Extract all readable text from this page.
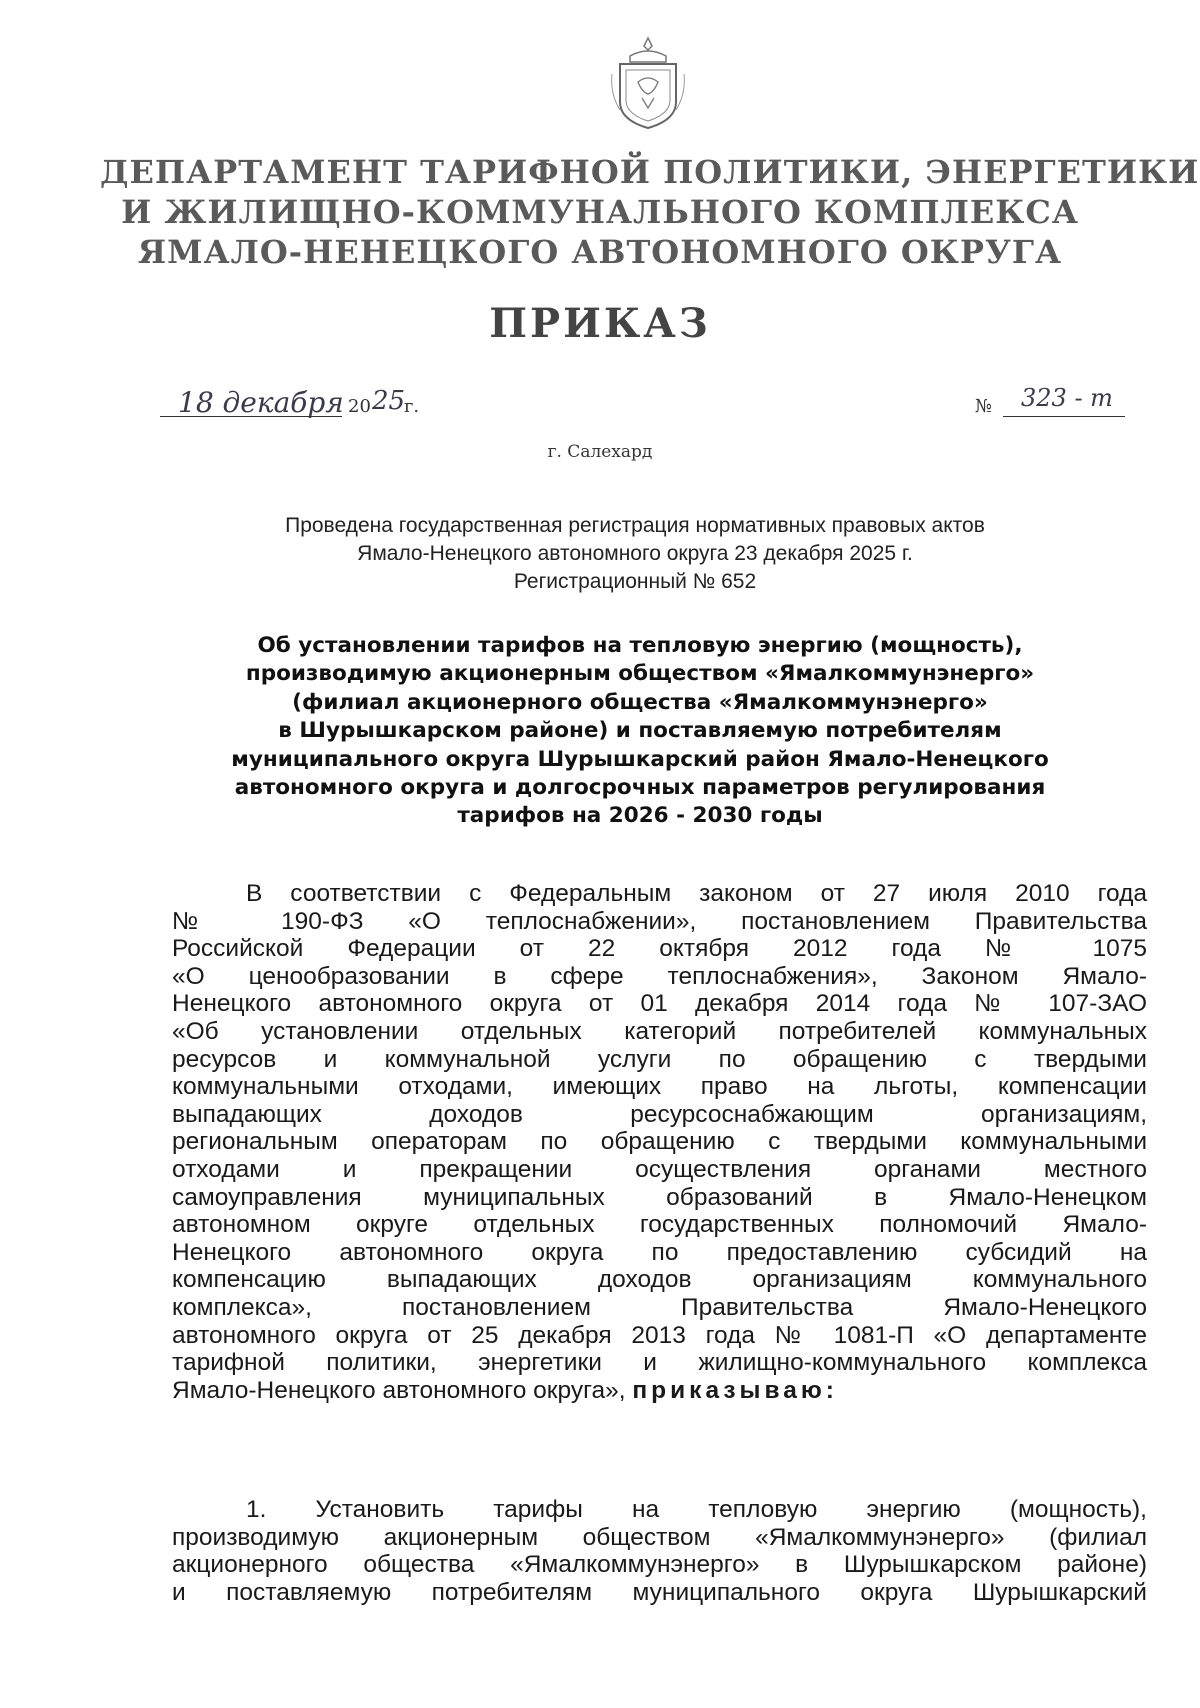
ДЕПАРТАМЕНТ ТАРИФНОЙ ПОЛИТИКИ, ЭНЕРГЕТИКИ
И ЖИЛИЩНО-КОММУНАЛЬНОГО КОМПЛЕКСА
ЯМАЛО-НЕНЕЦКОГО АВТОНОМНОГО ОКРУГА
ПРИКАЗ
18 декабря 20 25
г.	№ 323 - т
г. Салехард
Проведена государственная регистрация нормативных правовых актов
Ямало-Ненецкого автономного округа 23 декабря 2025 г.
Регистрационный № 652
Об установлении тарифов на тепловую энергию (мощность),
производимую акционерным обществом «Ямалкоммунэнерго»
(филиал акционерного общества «Ямалкоммунэнерго»
в Шурышкарском районе) и поставляемую потребителям
муниципального округа Шурышкарский район Ямало-Ненецкого
автономного округа и долгосрочных параметров регулирования
тарифов на 2026 - 2030 годы
В соответствии с Федеральным законом от 27 июля 2010 года
№ 190-ФЗ «О теплоснабжении», постановлением Правительства
Российской Федерации от 22 октября 2012 года № 1075
«О ценообразовании в сфере теплоснабжения», Законом Ямало-
Ненецкого автономного округа от 01 декабря 2014 года № 107-ЗАО
«Об установлении отдельных категорий потребителей коммунальных
ресурсов и коммунальной услуги по обращению с твердыми
коммунальными отходами, имеющих право на льготы, компенсации
выпадающих доходов ресурсоснабжающим организациям,
региональным операторам по обращению с твердыми коммунальными
отходами и прекращении осуществления органами местного
самоуправления муниципальных образований в Ямало-Ненецком
автономном округе отдельных государственных полномочий Ямало-
Ненецкого автономного округа по предоставлению субсидий на
компенсацию выпадающих доходов организациям коммунального
комплекса», постановлением Правительства Ямало-Ненецкого
автономного округа от 25 декабря 2013 года № 1081-П «О департаменте
тарифной политики, энергетики и жилищно-коммунального комплекса
Ямало-Ненецкого автономного округа», приказываю:
1. Установить тарифы на тепловую энергию (мощность),
производимую акционерным обществом «Ямалкоммунэнерго» (филиал
акционерного общества «Ямалкоммунэнерго» в Шурышкарском районе)
и поставляемую потребителям муниципального округа Шурышкарский
